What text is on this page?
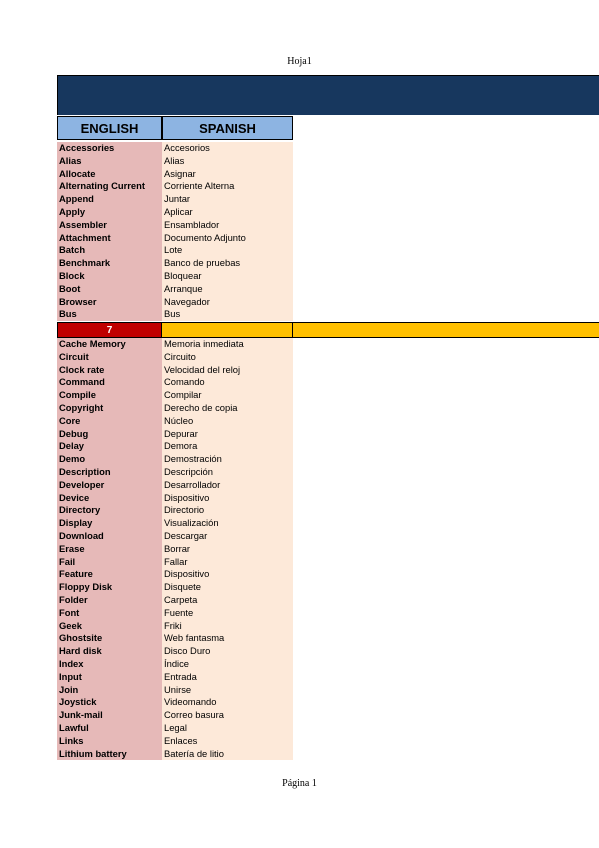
Hoja1
ENGLISH	SPANISH
Accessories	Accesorios
Alias	Alias
Allocate	Asignar
Alternating Current	Corriente Alterna
Append	Juntar
Apply	Aplicar
Assembler	Ensamblador
Attachment	Documento Adjunto
Batch	Lote
Benchmark	Banco de pruebas
Block	Bloquear
Boot	Arranque
Browser	Navegador
Bus	Bus
7
Cache Memory	Memoria inmediata
Circuit	Circuito
Clock rate	Velocidad del reloj
Command	Comando
Compile	Compilar
Copyright	Derecho de copia
Core	Núcleo
Debug	Depurar
Delay	Demora
Demo	Demostración
Description	Descripción
Developer	Desarrollador
Device	Dispositivo
Directory	Directorio
Display	Visualización
Download	Descargar
Erase	Borrar
Fail	Fallar
Feature	Dispositivo
Floppy Disk	Disquete
Folder	Carpeta
Font	Fuente
Geek	Friki
Ghostsite	Web fantasma
Hard disk	Disco Duro
Index	Índice
Input	Entrada
Join	Unirse
Joystick	Videomando
Junk-mail	Correo basura
Lawful	Legal
Links	Enlaces
Lithium battery	Batería de litio
Página 1
